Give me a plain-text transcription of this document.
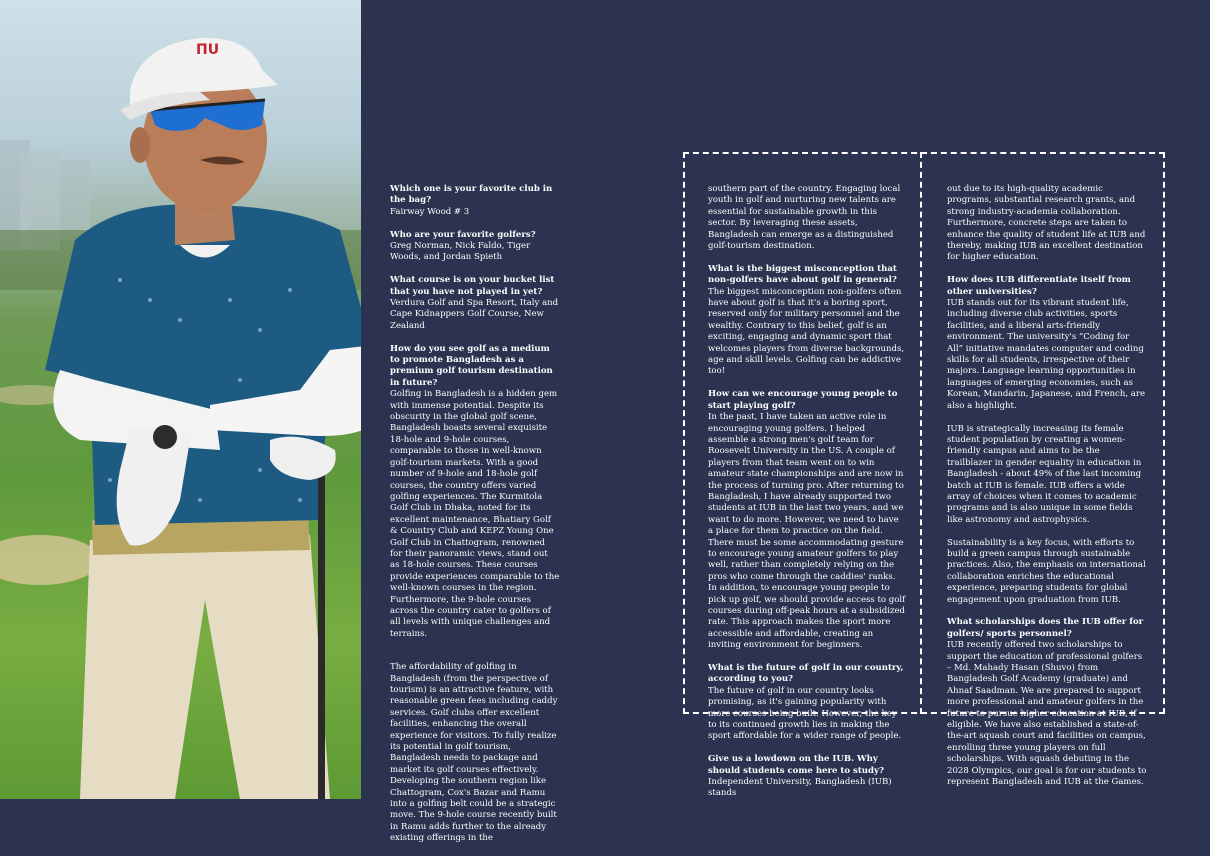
ΠU

Which one is your favorite club in the bag?
Fairway Wood # 3

Who are your favorite golfers?
Greg Norman, Nick Faldo, Tiger Woods, and Jordan Spieth

What course is on your bucket list that you have not played in yet?
Verdura Golf and Spa Resort, Italy and Cape Kidnappers Golf Course, New Zealand

How do you see golf as a medium to promote Bangladesh as a premium golf tourism destination in future?
Golfing in Bangladesh is a hidden gem with immense potential. Despite its obscurity in the global golf scene, Bangladesh boasts several exquisite 18-hole and 9-hole courses, comparable to those in well-known golf-tourism markets. With a good number of 9-hole and 18-hole golf courses, the country offers varied golfing experiences. The Kurmitola Golf Club in Dhaka, noted for its excellent maintenance, Bhatiary Golf & Country Club and KEPZ Young One Golf Club in Chattogram, renowned for their panoramic views, stand out as 18-hole courses. These courses provide experiences comparable to the well-known courses in the region. Furthermore, the 9-hole courses across the country cater to golfers of all levels with unique challenges and terrains.

The affordability of golfing in Bangladesh (from the perspective of tourism) is an attractive feature, with reasonable green fees including caddy services. Golf clubs offer excellent facilities, enhancing the overall experience for visitors. To fully realize its potential in golf tourism, Bangladesh needs to package and market its golf courses effectively. Developing the southern region like Chattogram, Cox's Bazar and Ramu into a golfing belt could be a strategic move. The 9-hole course recently built in Ramu adds further to the already existing offerings in the

southern part of the country. Engaging local youth in golf and nurturing new talents are essential for sustainable growth in this sector. By leveraging these assets, Bangladesh can emerge as a distinguished golf-tourism destination.

What is the biggest misconception that non-golfers have about golf in general?
The biggest misconception non-golfers often have about golf is that it's a boring sport, reserved only for military personnel and the wealthy. Contrary to this belief, golf is an exciting, engaging and dynamic sport that welcomes players from diverse backgrounds, age and skill levels. Golfing can be addictive too!

How can we encourage young people to start playing golf?
In the past, I have taken an active role in encouraging young golfers. I helped assemble a strong men's golf team for Roosevelt University in the US. A couple of players from that team went on to win amateur state championships and are now in the process of turning pro. After returning to Bangladesh, I have already supported two students at IUB in the last two years, and we want to do more. However, we need to have a place for them to practice on the field. There must be some accommodating gesture to encourage young amateur golfers to play well, rather than completely relying on the pros who come through the caddies' ranks. In addition, to encourage young people to pick up golf, we should provide access to golf courses during off-peak hours at a subsidized rate. This approach makes the sport more accessible and affordable, creating an inviting environment for beginners.

What is the future of golf in our country, according to you?
The future of golf in our country looks promising, as it's gaining popularity with more courses being built. However, the key to its continued growth lies in making the sport affordable for a wider range of people.

Give us a lowdown on the IUB. Why should students come here to study?
Independent University, Bangladesh (IUB) stands

out due to its high-quality academic programs, substantial research grants, and strong industry-academia collaboration. Furthermore, concrete steps are taken to enhance the quality of student life at IUB and thereby, making IUB an excellent destination for higher education.

How does IUB differentiate itself from other universities?
IUB stands out for its vibrant student life, including diverse club activities, sports facilities, and a liberal arts-friendly environment. The university's “Coding for All” initiative mandates computer and coding skills for all students, irrespective of their majors. Language learning opportunities in languages of emerging economies, such as Korean, Mandarin, Japanese, and French, are also a highlight.

IUB is strategically increasing its female student population by creating a women-friendly campus and aims to be the trailblazer in gender equality in education in Bangladesh - about 49% of the last incoming batch at IUB is female. IUB offers a wide array of choices when it comes to academic programs and is also unique in some fields like astronomy and astrophysics.

Sustainability is a key focus, with efforts to build a green campus through sustainable practices. Also, the emphasis on international collaboration enriches the educational experience, preparing students for global engagement upon graduation from IUB.

What scholarships does the IUB offer for golfers/ sports personnel?
IUB recently offered two scholarships to support the education of professional golfers – Md. Mahady Hasan (Shuvo) from Bangladesh Golf Academy (graduate) and Ahnaf Saadman. We are prepared to support more professional and amateur golfers in the future to pursue higher education at IUB, if eligible. We have also established a state-of-the-art squash court and facilities on campus, enrolling three young players on full scholarships. With squash debuting in the 2028 Olympics, our goal is for our students to represent Bangladesh and IUB at the Games.
